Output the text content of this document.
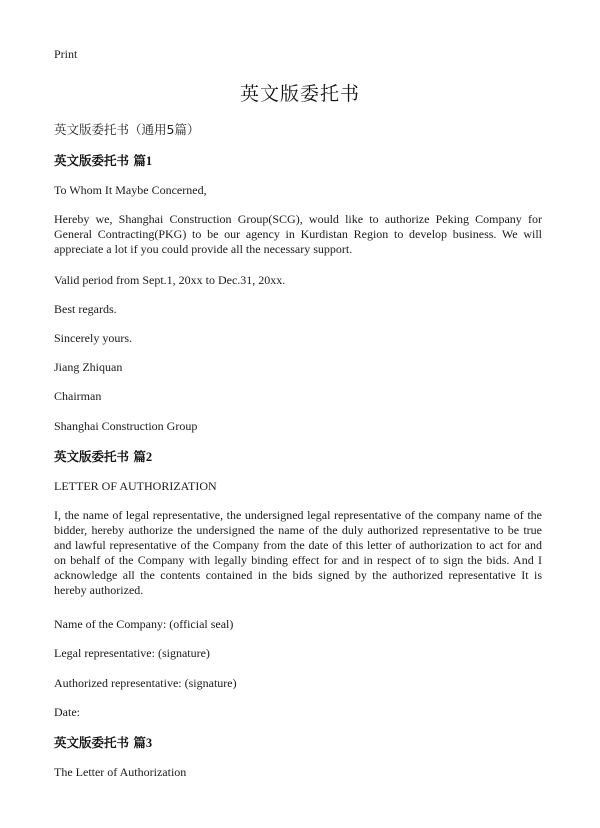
Print
英文版委托书
英文版委托书（通用5篇）
英文版委托书 篇1
To Whom It Maybe Concerned,
Hereby we, Shanghai Construction Group(SCG), would like to authorize Peking Company for General Contracting(PKG) to be our agency in Kurdistan Region to develop business. We will appreciate a lot if you could provide all the necessary support.
Valid period from Sept.1, 20xx to Dec.31, 20xx.
Best regards.
Sincerely yours.
Jiang Zhiquan
Chairman
Shanghai Construction Group
英文版委托书 篇2
LETTER OF AUTHORIZATION
I, the name of legal representative, the undersigned legal representative of the company name of the bidder, hereby authorize the undersigned the name of the duly authorized representative to be true and lawful representative of the Company from the date of this letter of authorization to act for and on behalf of the Company with legally binding effect for and in respect of to sign the bids. And I acknowledge all the contents contained in the bids signed by the authorized representative It is hereby authorized.
Name of the Company: (official seal)
Legal representative: (signature)
Authorized representative: (signature)
Date:
英文版委托书 篇3
The Letter of Authorization
